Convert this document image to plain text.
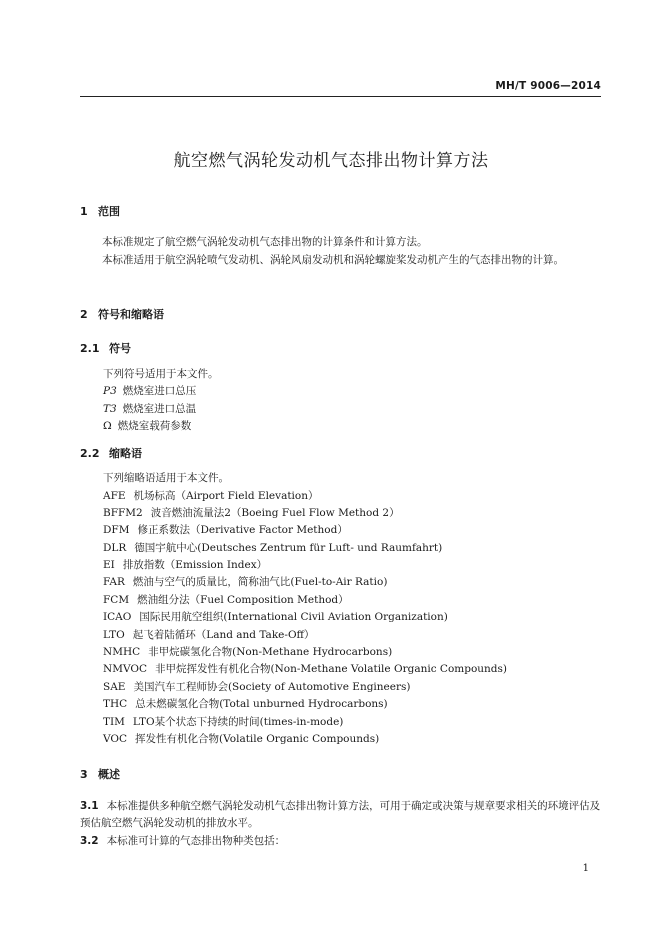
MH/T 9006—2014
航空燃气涡轮发动机气态排出物计算方法
1 范围
本标准规定了航空燃气涡轮发动机气态排出物的计算条件和计算方法。
本标准适用于航空涡轮喷气发动机、涡轮风扇发动机和涡轮螺旋桨发动机产生的气态排出物的计算。
2 符号和缩略语
2.1 符号
下列符号适用于本文件。
P3 燃烧室进口总压
T3 燃烧室进口总温
Ω 燃烧室载荷参数
2.2 缩略语
下列缩略语适用于本文件。
AFE 机场标高（Airport Field Elevation）
BFFM2 波音燃油流量法2（Boeing Fuel Flow Method 2）
DFM 修正系数法（Derivative Factor Method）
DLR 德国宇航中心(Deutsches Zentrum für Luft- und Raumfahrt)
EI 排放指数（Emission Index）
FAR 燃油与空气的质量比，简称油气比(Fuel-to-Air Ratio)
FCM 燃油组分法（Fuel Composition Method）
ICAO 国际民用航空组织(International Civil Aviation Organization)
LTO 起飞着陆循环（Land and Take-Off）
NMHC 非甲烷碳氢化合物(Non-Methane Hydrocarbons)
NMVOC 非甲烷挥发性有机化合物(Non-Methane Volatile Organic Compounds)
SAE 美国汽车工程师协会(Society of Automotive Engineers)
THC 总未燃碳氢化合物(Total unburned Hydrocarbons)
TIM LTO某个状态下持续的时间(times-in-mode)
VOC 挥发性有机化合物(Volatile Organic Compounds)
3 概述
3.1 本标准提供多种航空燃气涡轮发动机气态排出物计算方法，可用于确定或决策与规章要求相关的环境评估及预估航空燃气涡轮发动机的排放水平。
3.2 本标准可计算的气态排出物种类包括：
1
